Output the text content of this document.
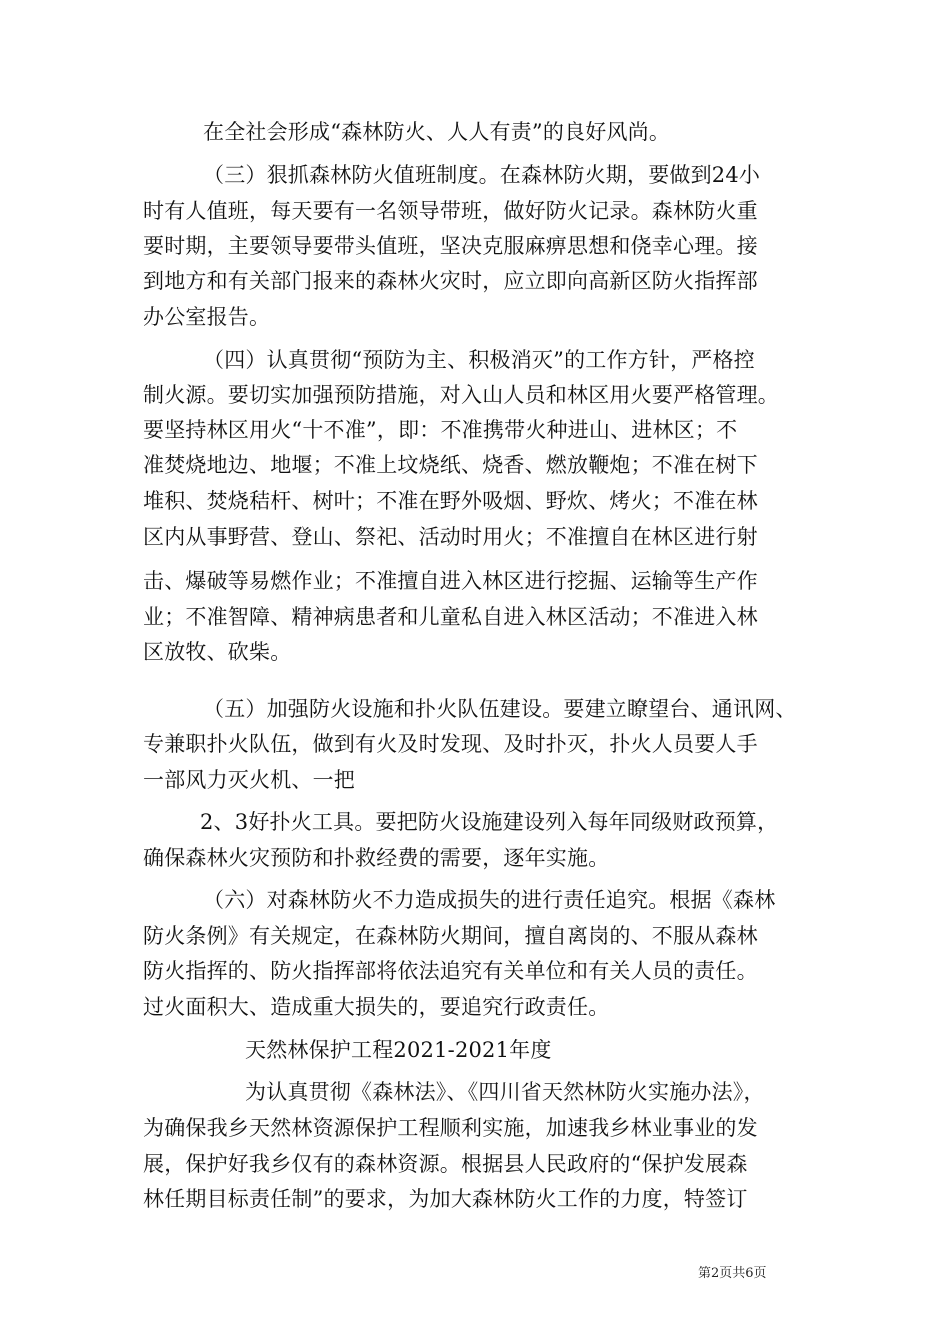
在全社会形成“森林防火、人人有责”的良好风尚。
（三）狠抓森林防火值班制度。在森林防火期，要做到24小
时有人值班，每天要有一名领导带班，做好防火记录。森林防火重
要时期，主要领导要带头值班，坚决克服麻痹思想和侥幸心理。接
到地方和有关部门报来的森林火灾时，应立即向高新区防火指挥部
办公室报告。
（四）认真贯彻“预防为主、积极消灭”的工作方针，严格控
制火源。要切实加强预防措施，对入山人员和林区用火要严格管理。
要坚持林区用火“十不准”，即：不准携带火种进山、进林区；不
准焚烧地边、地堰；不准上坟烧纸、烧香、燃放鞭炮；不准在树下
堆积、焚烧秸杆、树叶；不准在野外吸烟、野炊、烤火；不准在林
区内从事野营、登山、祭祀、活动时用火；不准擅自在林区进行射
击、爆破等易燃作业；不准擅自进入林区进行挖掘、运输等生产作
业；不准智障、精神病患者和儿童私自进入林区活动；不准进入林
区放牧、砍柴。
（五）加强防火设施和扑火队伍建设。要建立瞭望台、通讯网、
专兼职扑火队伍，做到有火及时发现、及时扑灭，扑火人员要人手
一部风力灭火机、一把
2、3好扑火工具。要把防火设施建设列入每年同级财政预算，
确保森林火灾预防和扑救经费的需要，逐年实施。
（六）对森林防火不力造成损失的进行责任追究。根据《森林
防火条例》有关规定，在森林防火期间，擅自离岗的、不服从森林
防火指挥的、防火指挥部将依法追究有关单位和有关人员的责任。
过火面积大、造成重大损失的，要追究行政责任。
天然林保护工程2021-2021年度
为认真贯彻《森林法》、《四川省天然林防火实施办法》，
为确保我乡天然林资源保护工程顺利实施，加速我乡林业事业的发
展，保护好我乡仅有的森林资源。根据县人民政府的“保护发展森
林任期目标责任制”的要求，为加大森林防火工作的力度，特签订
第2页共6页
